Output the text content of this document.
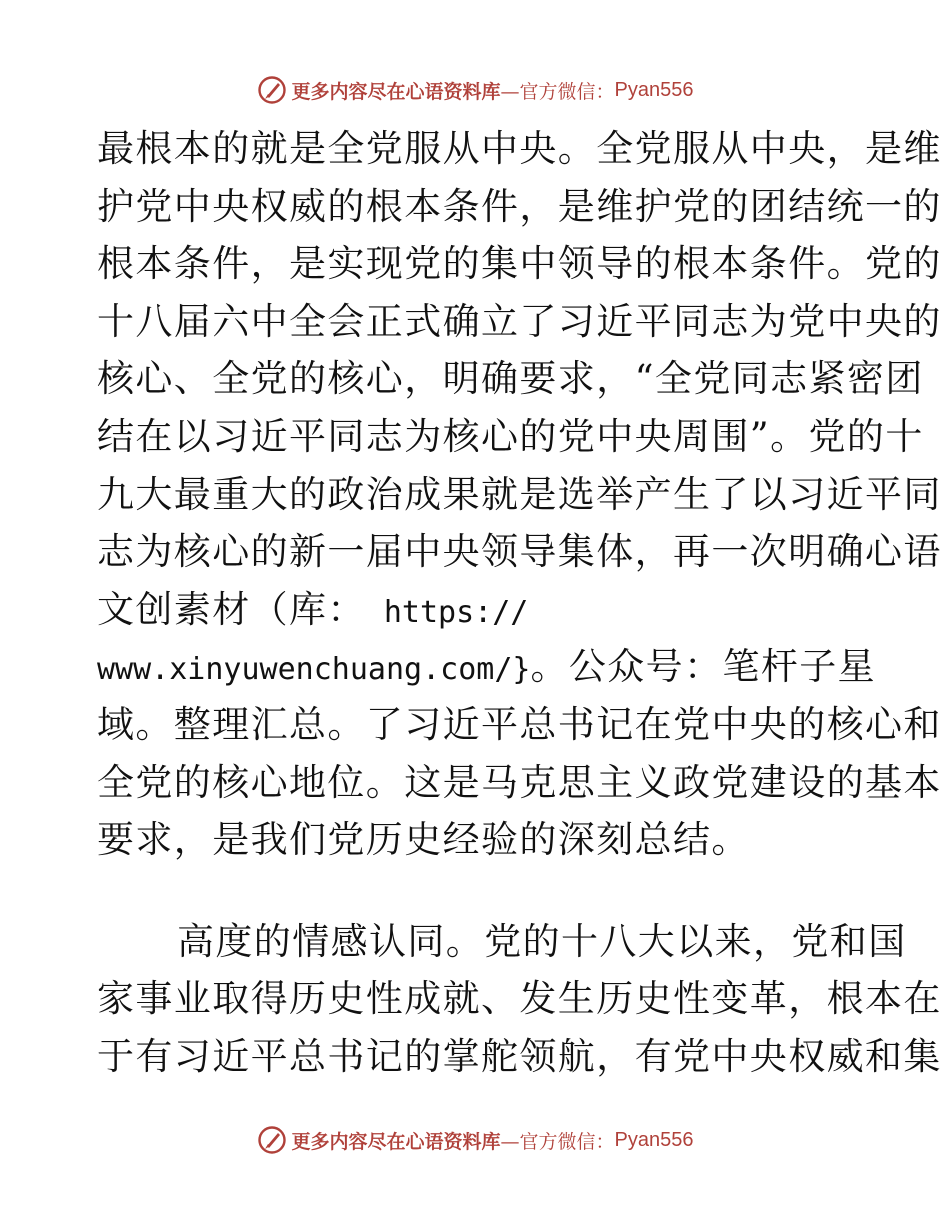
更多内容尽在心语资料库 —官方微信： Pyan556
最根本的就是全党服从中央。全党服从中央，是维
护党中央权威的根本条件，是维护党的团结统一的
根本条件，是实现党的集中领导的根本条件。党的
十八届六中全会正式确立了习近平同志为党中央的
核心、全党的核心，明确要求，“全党同志紧密团
结在以习近平同志为核心的党中央周围”。党的十
九大最重大的政治成果就是选举产生了以习近平同
志为核心的新一届中央领导集体，再一次明确心语
文创素材（库： https://
www.xinyuwenchuang.com/}。公众号：笔杆子星
域。整理汇总。了习近平总书记在党中央的核心和
全党的核心地位。这是马克思主义政党建设的基本
要求，是我们党历史经验的深刻总结。
高度的情感认同。党的十八大以来，党和国
家事业取得历史性成就、发生历史性变革，根本在
于有习近平总书记的掌舵领航，有党中央权威和集
更多内容尽在心语资料库 —官方微信： Pyan556
